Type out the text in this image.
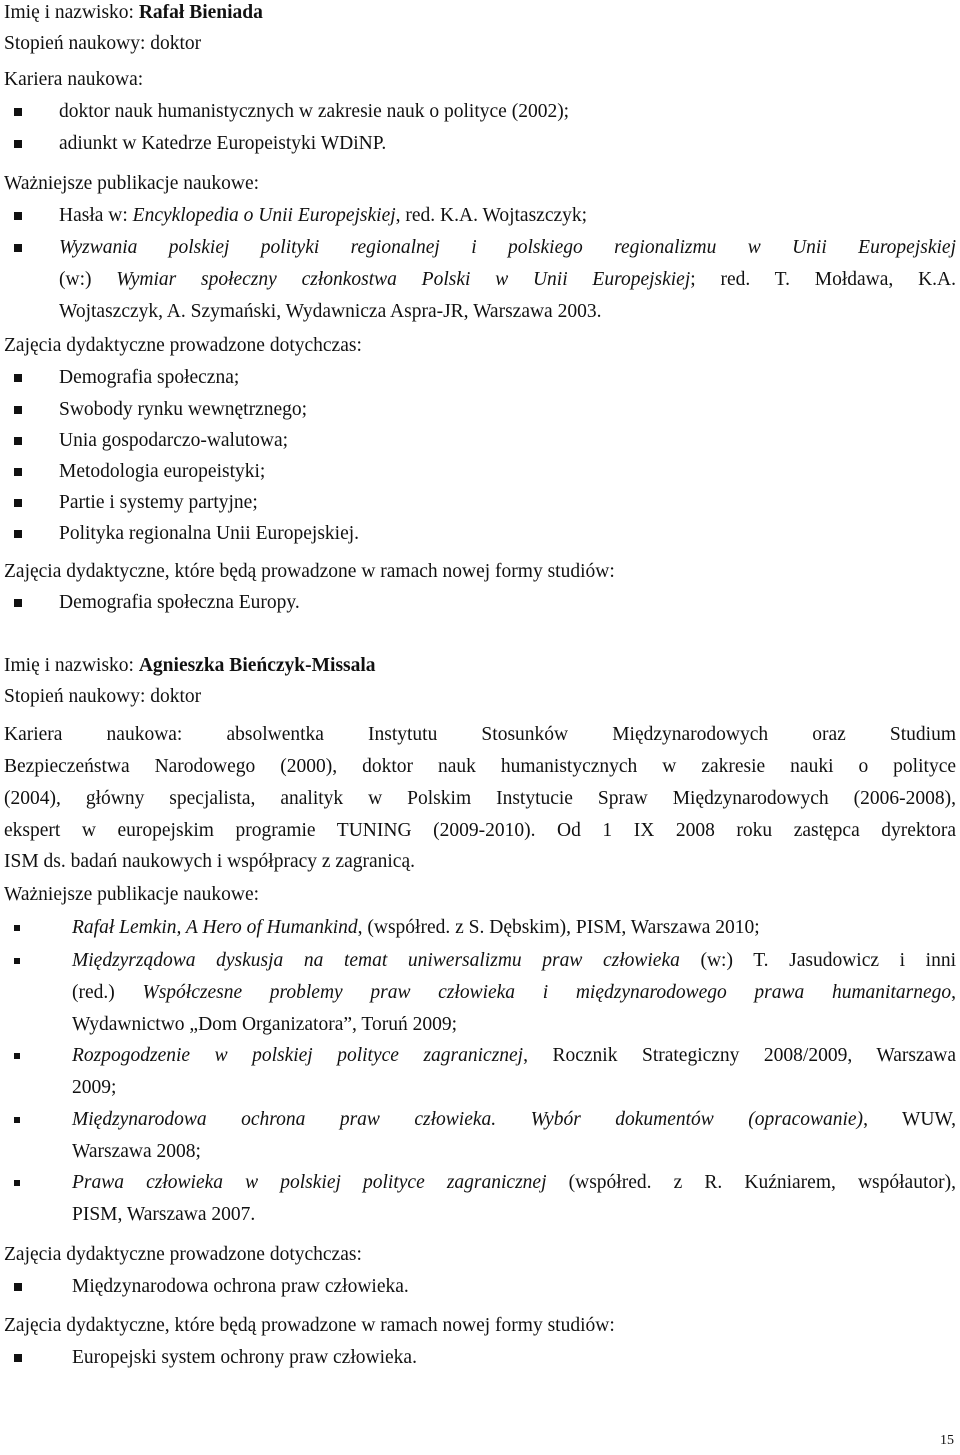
Imię i nazwisko: Rafał Bieniada
Stopień naukowy: doktor
Kariera naukowa:
doktor nauk humanistycznych w zakresie nauk o polityce (2002);
adiunkt w Katedrze Europeistyki WDiNP.
Ważniejsze publikacje naukowe:
Hasła w: Encyklopedia o Unii Europejskiej, red. K.A. Wojtaszczyk;
Wyzwania polskiej polityki regionalnej i polskiego regionalizmu w Unii Europejskiej
(w:) Wymiar społeczny członkostwa Polski w Unii Europejskiej; red. T. Mołdawa, K.A.
Wojtaszczyk, A. Szymański, Wydawnicza Aspra-JR, Warszawa 2003.
Zajęcia dydaktyczne prowadzone dotychczas:
Demografia społeczna;
Swobody rynku wewnętrznego;
Unia gospodarczo-walutowa;
Metodologia europeistyki;
Partie i systemy partyjne;
Polityka regionalna Unii Europejskiej.
Zajęcia dydaktyczne, które będą prowadzone w ramach nowej formy studiów:
Demografia społeczna Europy.
Imię i nazwisko: Agnieszka Bieńczyk-Missala
Stopień naukowy: doktor
Kariera naukowa: absolwentka Instytutu Stosunków Międzynarodowych oraz Studium
Bezpieczeństwa Narodowego (2000), doktor nauk humanistycznych w zakresie nauki o polityce
(2004), główny specjalista, analityk w Polskim Instytucie Spraw Międzynarodowych (2006-2008),
ekspert w europejskim programie TUNING (2009-2010). Od 1 IX 2008 roku zastępca dyrektora
ISM ds. badań naukowych i współpracy z zagranicą.
Ważniejsze publikacje naukowe:
Rafał Lemkin, A Hero of Humankind, (współred. z S. Dębskim), PISM, Warszawa 2010;
Międzyrządowa dyskusja na temat uniwersalizmu praw człowieka (w:) T. Jasudowicz i inni
(red.) Współczesne problemy praw człowieka i międzynarodowego prawa humanitarnego,
Wydawnictwo „Dom Organizatora”, Toruń 2009;
Rozpogodzenie w polskiej polityce zagranicznej, Rocznik Strategiczny 2008/2009, Warszawa
2009;
Międzynarodowa ochrona praw człowieka. Wybór dokumentów (opracowanie), WUW,
Warszawa 2008;
Prawa człowieka w polskiej polityce zagranicznej (współred. z R. Kuźniarem, współautor),
PISM, Warszawa 2007.
Zajęcia dydaktyczne prowadzone dotychczas:
Międzynarodowa ochrona praw człowieka.
Zajęcia dydaktyczne, które będą prowadzone w ramach nowej formy studiów:
Europejski system ochrony praw człowieka.
15
